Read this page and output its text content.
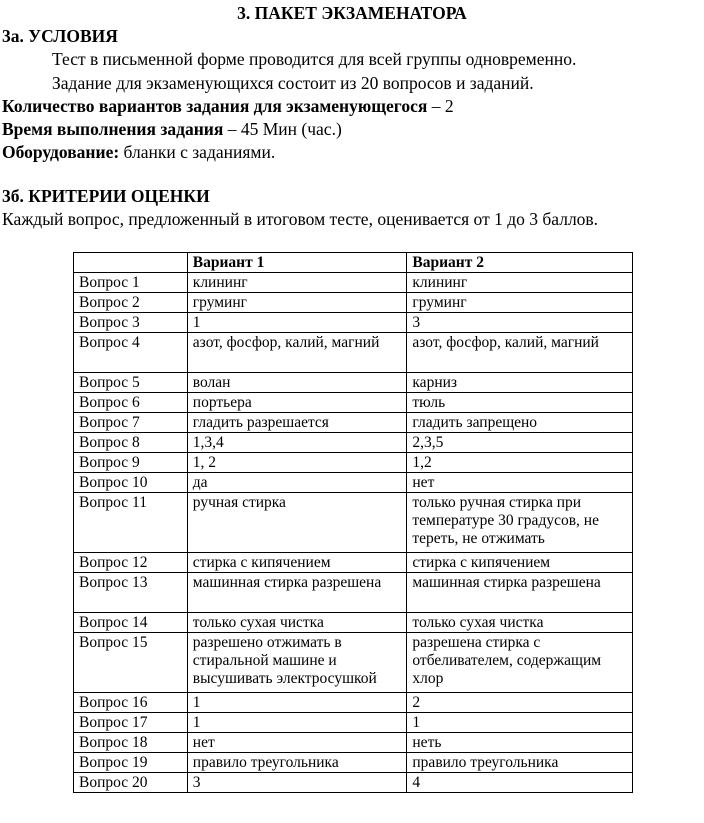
3. ПАКЕТ ЭКЗАМЕНАТОРА
3а. УСЛОВИЯ
Тест в письменной форме проводится для всей группы одновременно.
Задание для экзаменующихся состоит из 20 вопросов и заданий.
Количество вариантов задания для экзаменующегося – 2
Время выполнения задания – 45 Мин (час.)
Оборудование: бланки с заданиями.
3б. КРИТЕРИИ ОЦЕНКИ
Каждый вопрос, предложенный в итоговом тесте, оценивается от 1 до 3 баллов.
	Вариант 1	Вариант 2
Вопрос 1	клининг	клининг
Вопрос 2	груминг	груминг
Вопрос 3	1	3
Вопрос 4	азот, фосфор, калий, магний	азот, фосфор, калий, магний
Вопрос 5	волан	карниз
Вопрос 6	портьера	тюль
Вопрос 7	гладить разрешается	гладить запрещено
Вопрос 8	1,3,4	2,3,5
Вопрос 9	1, 2	1,2
Вопрос 10	да	нет
Вопрос 11	ручная стирка	только ручная стирка при температуре 30 градусов, не тереть, не отжимать
Вопрос 12	стирка с кипячением	стирка с кипячением
Вопрос 13	машинная стирка разрешена	машинная стирка разрешена
Вопрос 14	только сухая чистка	только сухая чистка
Вопрос 15	разрешено отжимать в стиральной машине и высушивать электросушкой	разрешена стирка с отбеливателем, содержащим хлор
Вопрос 16	1	2
Вопрос 17	1	1
Вопрос 18	нет	неть
Вопрос 19	правило треугольника	правило треугольника
Вопрос 20	3	4
